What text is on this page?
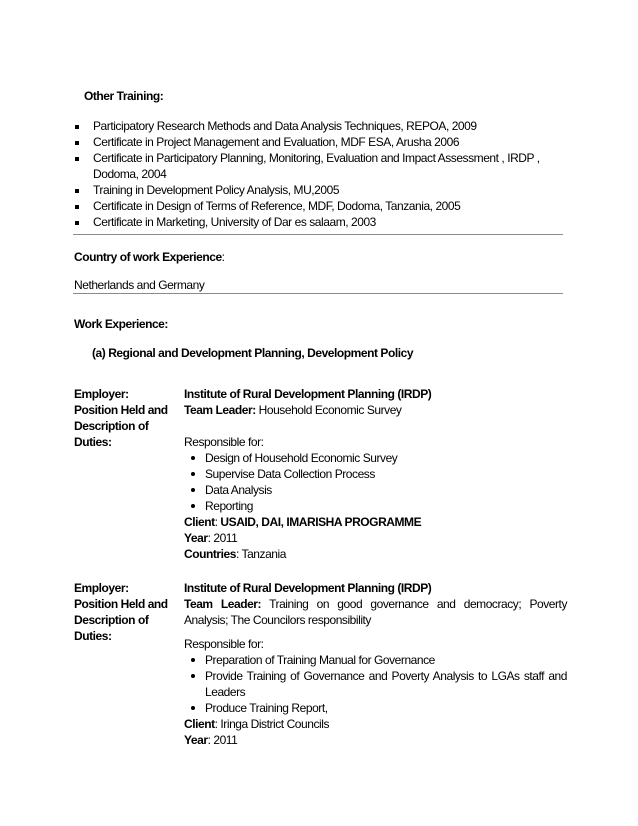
Other Training:
Participatory Research Methods and Data Analysis Techniques, REPOA, 2009
Certificate in Project Management and Evaluation, MDF ESA, Arusha 2006
Certificate in Participatory Planning, Monitoring, Evaluation and Impact Assessment , IRDP , Dodoma, 2004
Training in Development Policy Analysis, MU,2005
Certificate in Design of Terms of Reference, MDF, Dodoma, Tanzania, 2005
Certificate in Marketing, University of Dar es salaam, 2003
Country of work Experience:
Netherlands and Germany
Work Experience:
(a) Regional and Development Planning, Development Policy
Employer:
Position Held and
Description of
Duties:

Institute of Rural Development Planning (IRDP)

Team Leader: Household Economic Survey

Responsible for:

Design of Household Economic Survey
Supervise Data Collection Process
Data Analysis
Reporting

Client: USAID, DAI, IMARISHA PROGRAMME

Year: 2011

Countries: Tanzania

Employer:
Position Held and
Description of
Duties:

Institute of Rural Development Planning (IRDP)

Team Leader: Training on good governance and democracy; Poverty Analysis; The Councilors responsibility

Responsible for:

Preparation of Training Manual for Governance
Provide Training of Governance and Poverty Analysis to LGAs staff and Leaders
Produce Training Report,

Client: Iringa District Councils

Year: 2011
